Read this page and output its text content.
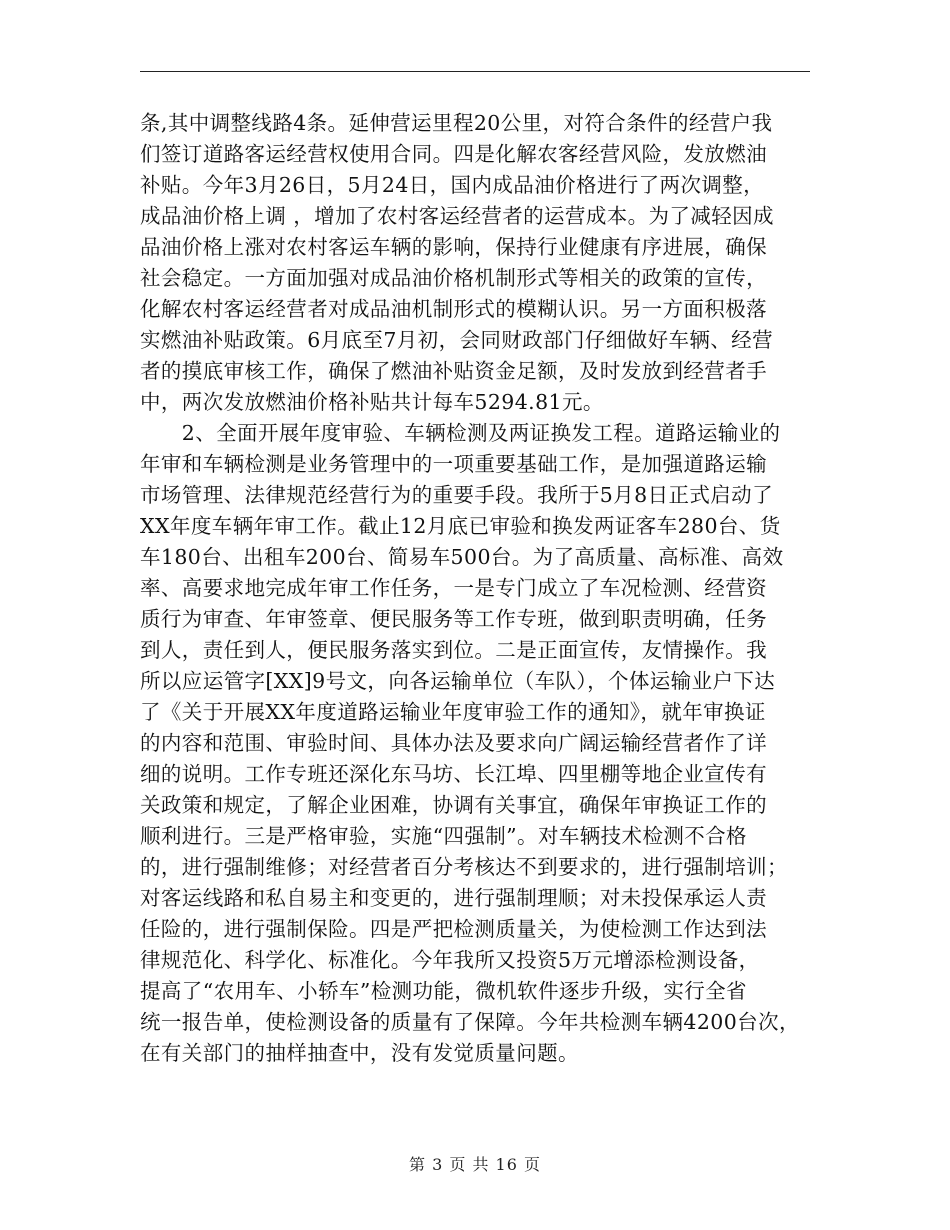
条,其中调整线路4条。延伸营运里程20公里，对符合条件的经营户我
们签订道路客运经营权使用合同。四是化解农客经营风险，发放燃油
补贴。今年3月26日，5月24日，国内成品油价格进行了两次调整，
成品油价格上调 ，增加了农村客运经营者的运营成本。为了减轻因成
品油价格上涨对农村客运车辆的影响，保持行业健康有序进展，确保
社会稳定。一方面加强对成品油价格机制形式等相关的政策的宣传，
化解农村客运经营者对成品油机制形式的模糊认识。另一方面积极落
实燃油补贴政策。6月底至7月初，会同财政部门仔细做好车辆、经营
者的摸底审核工作，确保了燃油补贴资金足额，及时发放到经营者手
中，两次发放燃油价格补贴共计每车5294.81元。
　　2、全面开展年度审验、车辆检测及两证换发工程。道路运输业的
年审和车辆检测是业务管理中的一项重要基础工作，是加强道路运输
市场管理、法律规范经营行为的重要手段。我所于5月8日正式启动了
XX年度车辆年审工作。截止12月底已审验和换发两证客车280台、货
车180台、出租车200台、简易车500台。为了高质量、高标准、高效
率、高要求地完成年审工作任务，一是专门成立了车况检测、经营资
质行为审查、年审签章、便民服务等工作专班，做到职责明确，任务
到人，责任到人，便民服务落实到位。二是正面宣传，友情操作。我
所以应运管字[XX]9号文，向各运输单位（车队），个体运输业户下达
了《关于开展XX年度道路运输业年度审验工作的通知》，就年审换证
的内容和范围、审验时间、具体办法及要求向广阔运输经营者作了详
细的说明。工作专班还深化东马坊、长江埠、四里棚等地企业宣传有
关政策和规定，了解企业困难，协调有关事宜，确保年审换证工作的
顺利进行。三是严格审验，实施“四强制”。对车辆技术检测不合格
的，进行强制维修；对经营者百分考核达不到要求的，进行强制培训；
对客运线路和私自易主和变更的，进行强制理顺；对未投保承运人责
任险的，进行强制保险。四是严把检测质量关，为使检测工作达到法
律规范化、科学化、标准化。今年我所又投资5万元增添检测设备，
提高了“农用车、小轿车”检测功能，微机软件逐步升级，实行全省
统一报告单，使检测设备的质量有了保障。今年共检测车辆4200台次，
在有关部门的抽样抽查中，没有发觉质量问题。
第 3 页 共 16 页
